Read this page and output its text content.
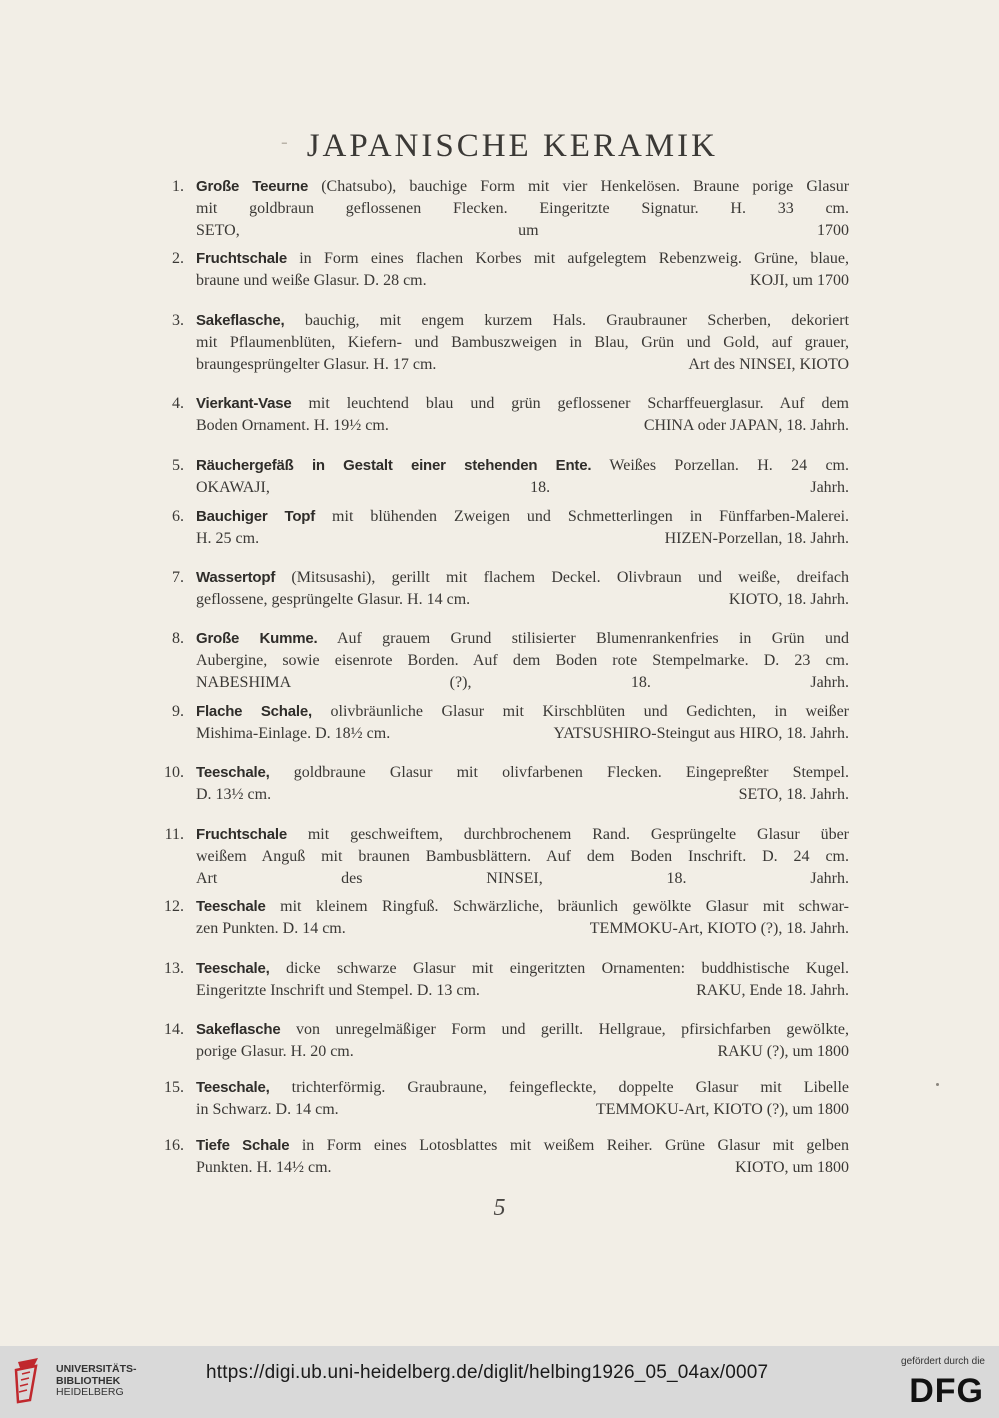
- JAPANISCHE KERAMIK
1. Große Teeurne (Chatsubo), bauchige Form mit vier Henkelösen. Braune porige Glasur
mit goldbraun geflossenen Flecken. Eingeritzte Signatur. H. 33 cm.
SETO, um 1700
2. Fruchtschale in Form eines flachen Korbes mit aufgelegtem Rebenzweig. Grüne, blaue,
braune und weiße Glasur. D. 28 cm.	KOJI, um 1700
3. Sakeflasche, bauchig, mit engem kurzem Hals. Graubrauner Scherben, dekoriert
mit Pflaumenblüten, Kiefern- und Bambuszweigen in Blau, Grün und Gold, auf grauer,
braungesprüngelter Glasur. H. 17 cm.	Art des NINSEI, KIOTO
4. Vierkant-Vase mit leuchtend blau und grün geflossener Scharffeuerglasur. Auf dem
Boden Ornament. H. 19½ cm.	CHINA oder JAPAN, 18. Jahrh.
5. Räuchergefäß in Gestalt einer stehenden Ente. Weißes Porzellan. H. 24 cm.
OKAWAJI, 18. Jahrh.
6. Bauchiger Topf mit blühenden Zweigen und Schmetterlingen in Fünffarben-Malerei.
H. 25 cm.	HIZEN-Porzellan, 18. Jahrh.
7. Wassertopf (Mitsusashi), gerillt mit flachem Deckel. Olivbraun und weiße, dreifach
geflossene, gesprüngelte Glasur. H. 14 cm.	KIOTO, 18. Jahrh.
8. Große Kumme. Auf grauem Grund stilisierter Blumenrankenfries in Grün und
Aubergine, sowie eisenrote Borden. Auf dem Boden rote Stempelmarke. D. 23 cm.
NABESHIMA (?), 18. Jahrh.
9. Flache Schale, olivbräunliche Glasur mit Kirschblüten und Gedichten, in weißer
Mishima-Einlage. D. 18½ cm.	YATSUSHIRO-Steingut aus HIRO, 18. Jahrh.
10. Teeschale, goldbraune Glasur mit olivfarbenen Flecken. Eingepreßter Stempel.
D. 13½ cm.	SETO, 18. Jahrh.
11. Fruchtschale mit geschweiftem, durchbrochenem Rand. Gesprüngelte Glasur über
weißem Anguß mit braunen Bambusblättern. Auf dem Boden Inschrift. D. 24 cm.
Art des NINSEI, 18. Jahrh.
12. Teeschale mit kleinem Ringfuß. Schwärzliche, bräunlich gewölkte Glasur mit schwar-
zen Punkten. D. 14 cm.	TEMMOKU-Art, KIOTO (?), 18. Jahrh.
13. Teeschale, dicke schwarze Glasur mit eingeritzten Ornamenten: buddhistische Kugel.
Eingeritzte Inschrift und Stempel. D. 13 cm.	RAKU, Ende 18. Jahrh.
14. Sakeflasche von unregelmäßiger Form und gerillt. Hellgraue, pfirsichfarben gewölkte,
porige Glasur. H. 20 cm.	RAKU (?), um 1800
15. Teeschale, trichterförmig. Graubraune, feingefleckte, doppelte Glasur mit Libelle
in Schwarz. D. 14 cm.	TEMMOKU-Art, KIOTO (?), um 1800
16. Tiefe Schale in Form eines Lotosblattes mit weißem Reiher. Grüne Glasur mit gelben
Punkten. H. 14½ cm.	KIOTO, um 1800
5
UNIVERSITÄTS-
BIBLIOTHEK
HEIDELBERG
https://digi.ub.uni-heidelberg.de/diglit/helbing1926_05_04ax/0007
gefördert durch die
DFG
